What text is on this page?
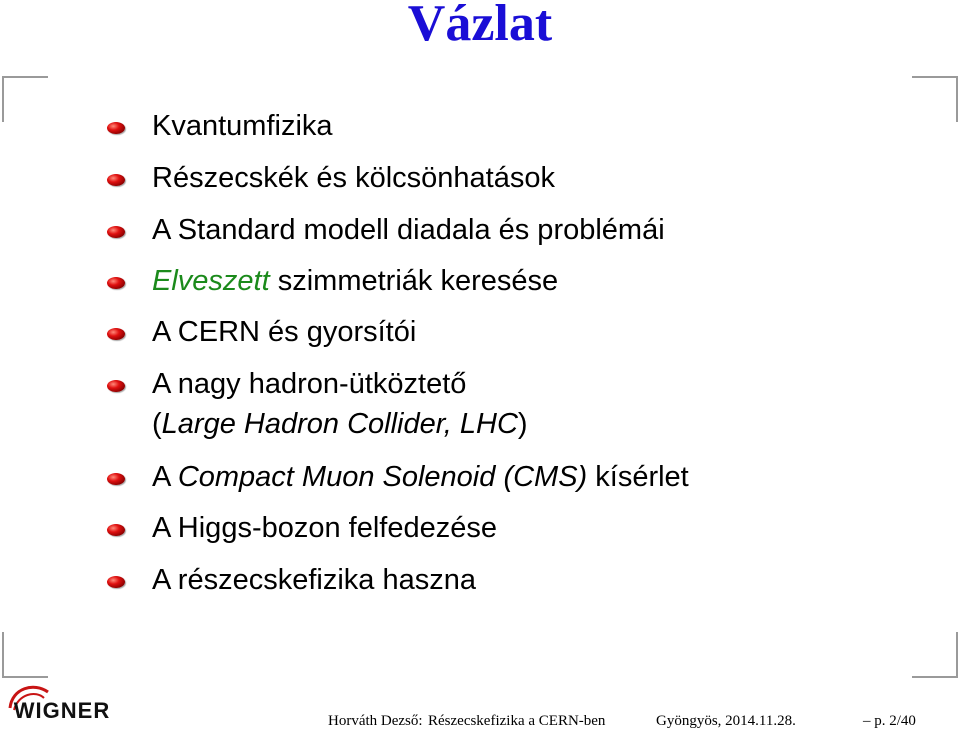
Vázlat
Kvantumfizika
Részecskék és kölcsönhatások
A Standard modell diadala és problémái
Elveszett szimmetriák keresése
A CERN és gyorsítói
A nagy hadron-ütköztető
(Large Hadron Collider, LHC)
A Compact Muon Solenoid (CMS) kísérlet
A Higgs-bozon felfedezése
A részecskefizika haszna
WIGNER	Horváth Dezső: Részecskefizika a CERN-ben	Gyöngyös, 2014.11.28.	– p. 2/40
